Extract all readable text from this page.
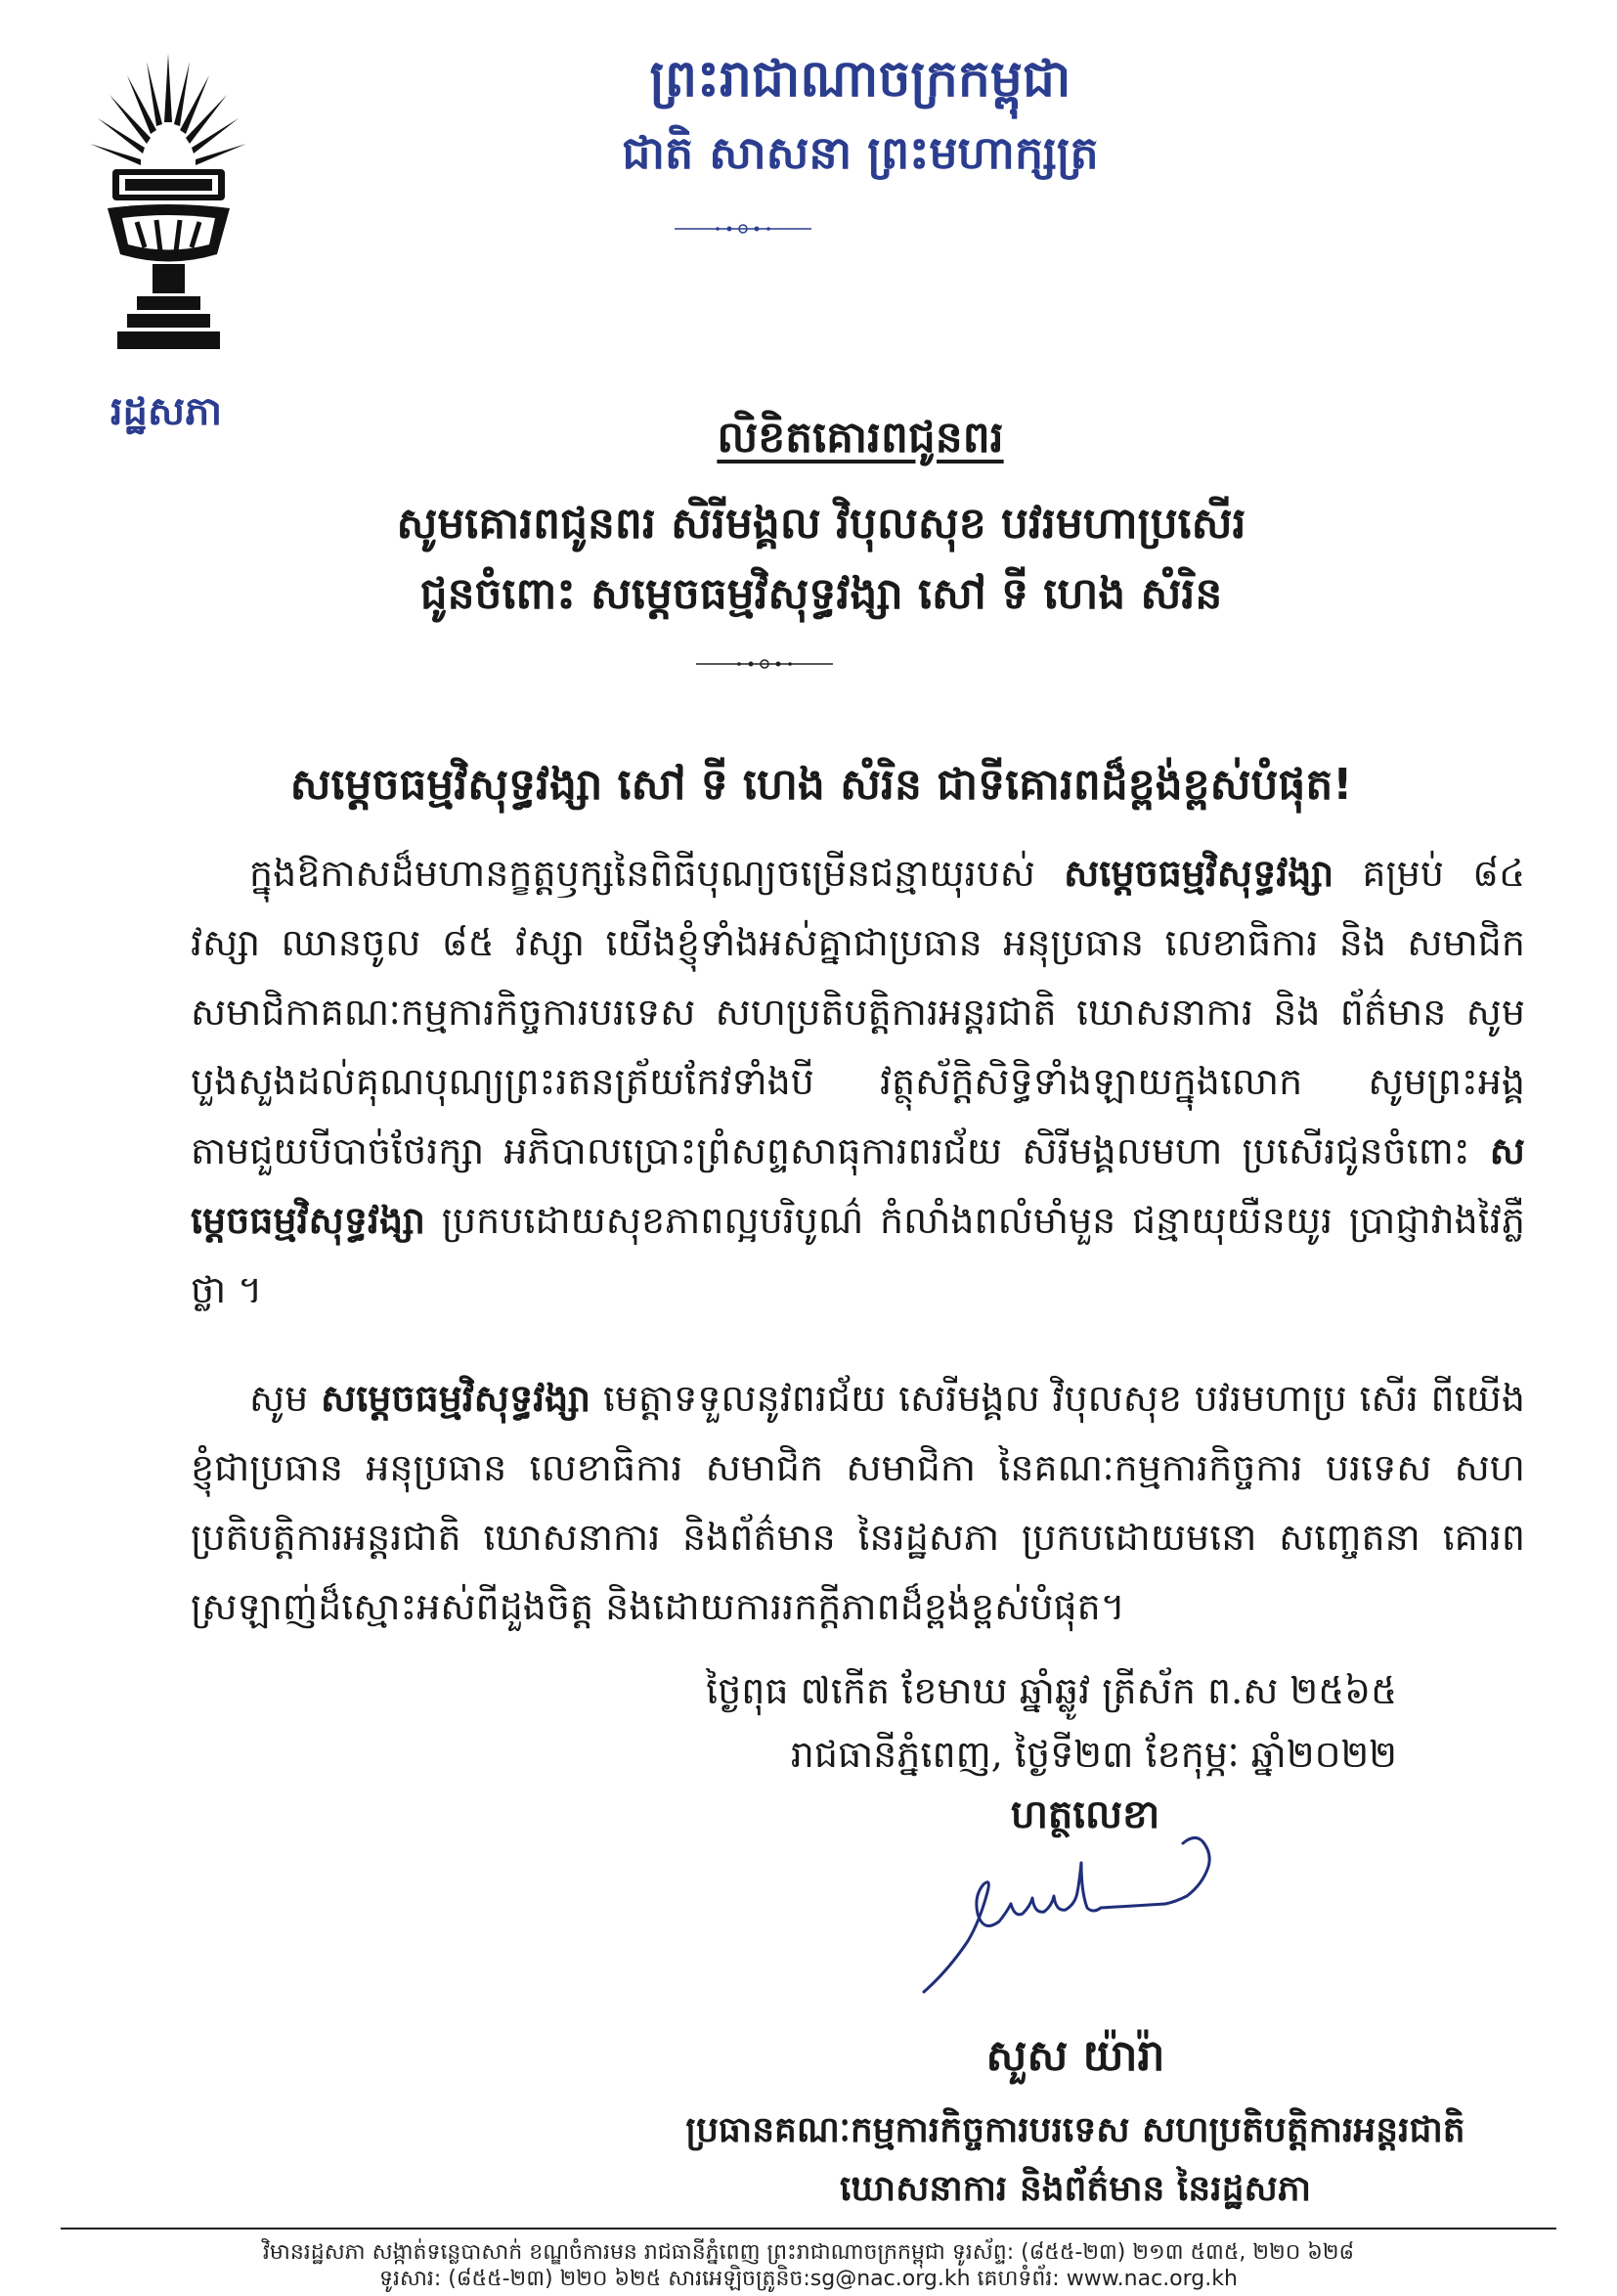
រដ្ឋសភា
ព្រះរាជាណាចក្រកម្ពុជា
ជាតិ សាសនា ព្រះមហាក្សត្រ
លិខិតគោរពជូនពរ
សូមគោរពជូនពរ សិរីមង្គល វិបុលសុខ បវរមហាប្រសើរ
ជូនចំពោះ សម្តេចធម្មវិសុទ្ធវង្សា សៅ ទី ហេង សំរិន
សម្តេចធម្មវិសុទ្ធវង្សា សៅ ទី ហេង សំរិន ជាទីគោរពដ៏ខ្ពង់ខ្ពស់បំផុត!
ក្នុងឱកាសដ៏មហានក្ខត្តឫក្សនៃពិធីបុណ្យចម្រើនជន្មាយុរបស់ សម្តេចធម្មវិសុទ្ធវង្សា គម្រប់ ៨៤ វស្សា ឈានចូល ៨៥ វស្សា យើងខ្ញុំទាំងអស់គ្នាជាប្រធាន អនុប្រធាន លេខាធិការ និង សមាជិក សមាជិកាគណៈកម្មការកិច្ចការបរទេស សហប្រតិបត្តិការអន្តរជាតិ ឃោសនាការ និង ព័ត៌មាន សូមបួងសួងដល់គុណបុណ្យព្រះរតនត្រ័យកែវទាំងបី វត្ថុស័ក្តិសិទ្ធិទាំងឡាយក្នុងលោក សូមព្រះអង្គតាមជួយបីបាច់ថែរក្សា អភិបាលប្រោះព្រំសព្ទសាធុការពរជ័យ សិរីមង្គលមហា ប្រសើរជូនចំពោះ សម្តេចធម្មវិសុទ្ធវង្សា ប្រកបដោយសុខភាពល្អបរិបូណ៌ កំលាំងពលំមាំមួន ជន្មាយុយឺនយូរ ប្រាជ្ញាវាងវៃភ្លឺថ្លា ។
សូម សម្តេចធម្មវិសុទ្ធវង្សា មេត្តាទទួលនូវពរជ័យ សេរីមង្គល វិបុលសុខ បវរមហាប្រ សើរ ពីយើងខ្ញុំជាប្រធាន អនុប្រធាន លេខាធិការ សមាជិក សមាជិកា នៃគណៈកម្មការកិច្ចការ បរទេស សហប្រតិបត្តិការអន្តរជាតិ ឃោសនាការ និងព័ត៌មាន នៃរដ្ឋសភា ប្រកបដោយមនោ សញ្ចេតនា គោរពស្រឡាញ់ដ៏ស្មោះអស់ពីដួងចិត្ត និងដោយការរកក្តីភាពដ៏ខ្ពង់ខ្ពស់បំផុត។
ថ្ងៃពុធ ៧កើត ខែមាឃ ឆ្នាំឆ្លូវ ត្រីស័ក ព.ស ២៥៦៥
រាជធានីភ្នំពេញ, ថ្ងៃទី២៣ ខែកុម្ភៈ ឆ្នាំ២០២២
ហត្ថលេខា
សួស យ៉ារ៉ា
ប្រធានគណៈកម្មការកិច្ចការបរទេស សហប្រតិបត្តិការអន្តរជាតិ
ឃោសនាការ និងព័ត៌មាន នៃរដ្ឋសភា
វិមានរដ្ឋសភា សង្កាត់ទន្លេបាសាក់ ខណ្ឌចំការមន រាជធានីភ្នំពេញ ព្រះរាជាណាចក្រកម្ពុជា ទូរស័ព្ទ: (៨៥៥-២៣) ២១៣ ៥៣៥, ២២០ ៦២៨
ទូរសារ: (៨៥៥-២៣) ២២០ ៦២៥ សារអេឡិចត្រូនិច:sg@nac.org.kh គេហទំព័រ: www.nac.org.kh
